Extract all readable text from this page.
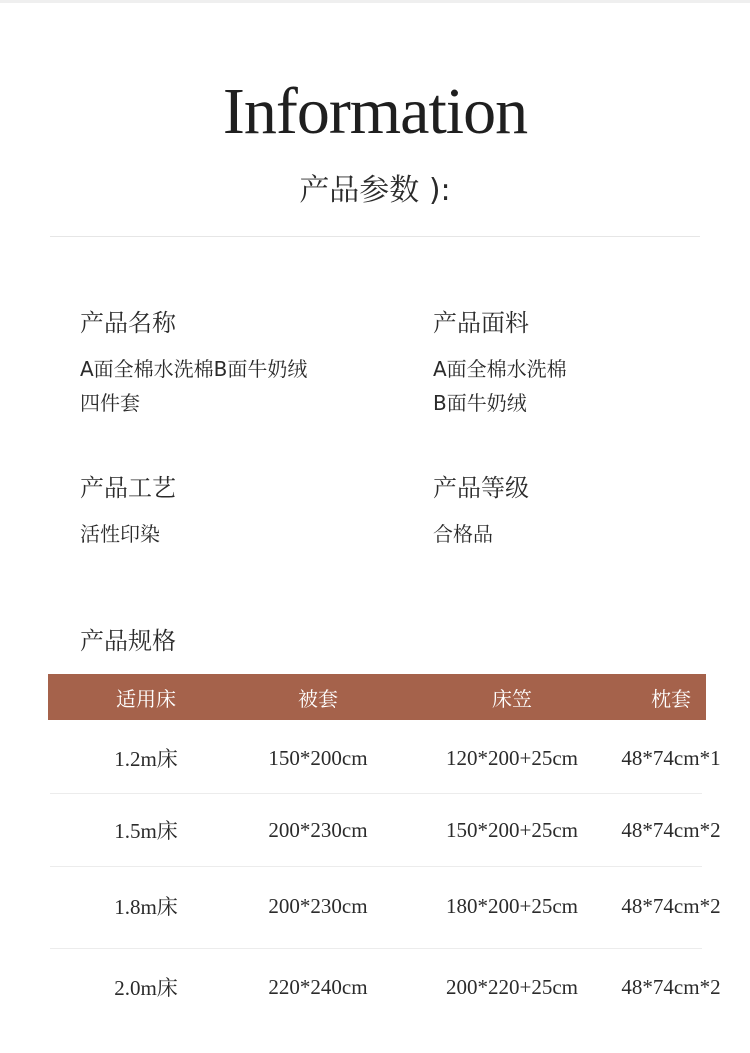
Information
产品参数 ):
产品名称
A面全棉水洗棉B面牛奶绒
四件套
产品面料
A面全棉水洗棉
B面牛奶绒
产品工艺
活性印染
产品等级
合格品
产品规格
适用床	被套	床笠	枕套
1.2m床	150*200cm	120*200+25cm	48*74cm*1
1.5m床	200*230cm	150*200+25cm	48*74cm*2
1.8m床	200*230cm	180*200+25cm	48*74cm*2
2.0m床	220*240cm	200*220+25cm	48*74cm*2
